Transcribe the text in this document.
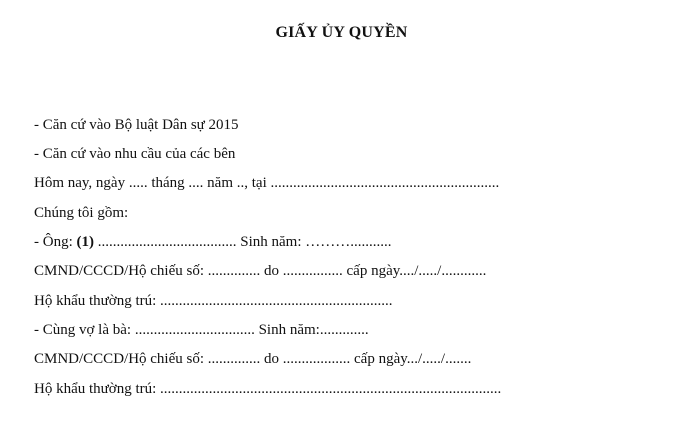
GIẤY ỦY QUYỀN
- Căn cứ vào Bộ luật Dân sự 2015
- Căn cứ vào nhu cầu của các bên
Hôm nay, ngày ..... tháng .... năm .., tại .............................................................
Chúng tôi gồm:
- Ông: (1) ..................................... Sinh năm: ………...........
CMND/CCCD/Hộ chiếu số: .............. do ................ cấp ngày..../...../............
Hộ khẩu thường trú: ..............................................................
- Cùng vợ là bà: ................................ Sinh năm:.............
CMND/CCCD/Hộ chiếu số: .............. do .................. cấp ngày.../...../.......
Hộ khẩu thường trú: ...........................................................................................
